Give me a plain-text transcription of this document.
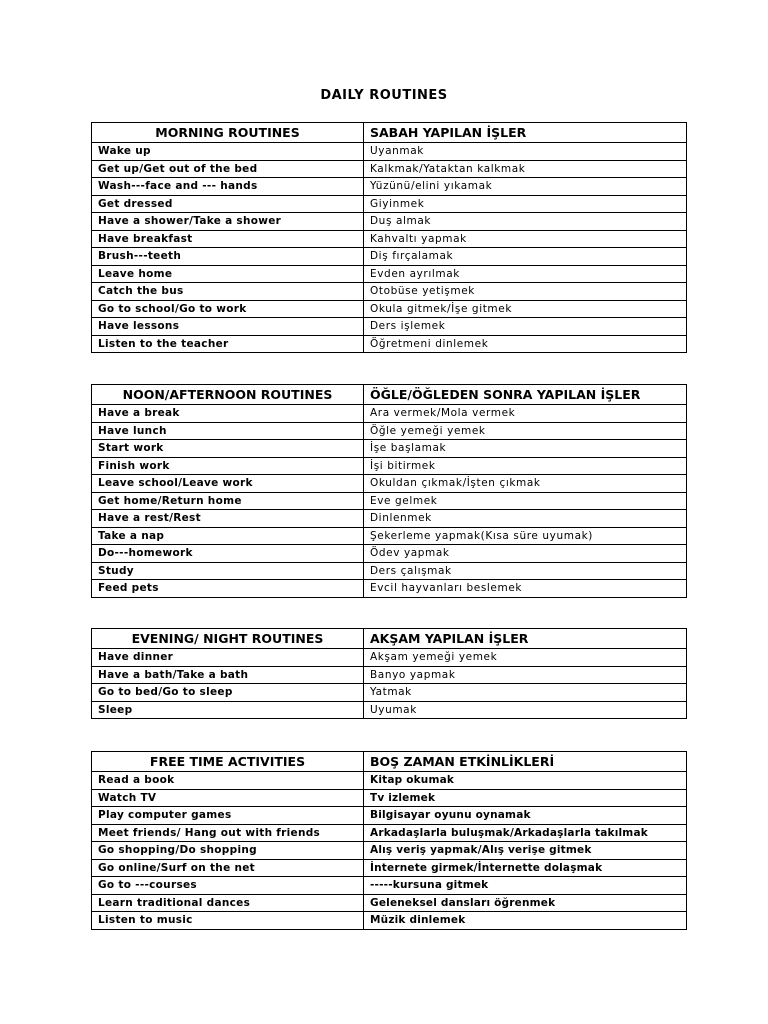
DAILY ROUTINES
MORNING ROUTINES	SABAH YAPILAN İŞLER
Wake up	Uyanmak
Get up/Get out of the bed	Kalkmak/Yataktan kalkmak
Wash---face and --- hands	Yüzünü/elini yıkamak
Get dressed	Giyinmek
Have a shower/Take a shower	Duş almak
Have breakfast	Kahvaltı yapmak
Brush---teeth	Diş fırçalamak
Leave home	Evden ayrılmak
Catch the bus	Otobüse yetişmek
Go to school/Go to work	Okula gitmek/İşe gitmek
Have lessons	Ders işlemek
Listen to the teacher	Öğretmeni dinlemek
NOON/AFTERNOON ROUTINES	ÖĞLE/ÖĞLEDEN SONRA YAPILAN İŞLER
Have a break	Ara vermek/Mola vermek
Have lunch	Öğle yemeği yemek
Start work	İşe başlamak
Finish work	İşi bitirmek
Leave school/Leave work	Okuldan çıkmak/İşten çıkmak
Get home/Return home	Eve gelmek
Have a rest/Rest	Dinlenmek
Take a nap	Şekerleme yapmak(Kısa süre uyumak)
Do---homework	Ödev yapmak
Study	Ders çalışmak
Feed pets	Evcil hayvanları beslemek
EVENING/ NIGHT ROUTINES	AKŞAM YAPILAN İŞLER
Have dinner	Akşam yemeği yemek
Have a bath/Take a bath	Banyo yapmak
Go to bed/Go to sleep	Yatmak
Sleep	Uyumak
FREE TIME ACTIVITIES	BOŞ ZAMAN ETKİNLİKLERİ
Read a book	Kitap okumak
Watch TV	Tv izlemek
Play computer games	Bilgisayar oyunu oynamak
Meet friends/ Hang out with friends	Arkadaşlarla buluşmak/Arkadaşlarla takılmak
Go shopping/Do shopping	Alış veriş yapmak/Alış verişe gitmek
Go online/Surf on the net	İnternete girmek/İnternette dolaşmak
Go to ---courses	-----kursuna gitmek
Learn traditional dances	Geleneksel dansları öğrenmek
Listen to music	Müzik dinlemek
